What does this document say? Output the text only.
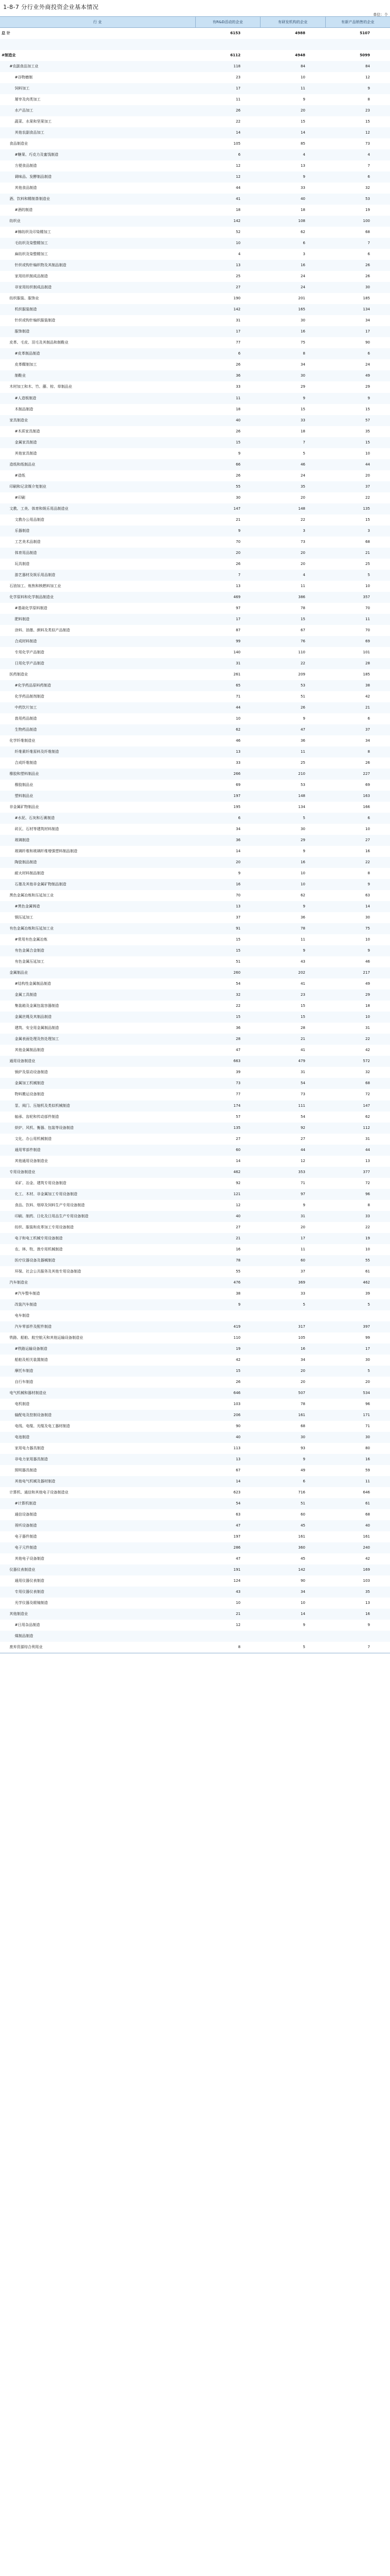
1-8-7 分行业外商投资企业基本情况
单位：个
行 业	有R&D活动的企业	有研发机构的企业	有新产品销售的企业
总 计	6153	4988	5107
#制造业	6112	4948	5099
#农副食品加工业	118	84	84
#谷物磨制	23	10	12
饲料加工	17	11	9
屠宰及肉类加工	11	9	8
水产品加工	26	20	23
蔬菜、水果和坚果加工	22	15	15
其他农副食品加工	14	14	12
食品制造业	105	85	73
#糖果、巧克力及蜜饯制造	6	4	4
方便食品制造	12	13	7
调味品、发酵制品制造	12	9	6
其他食品制造	44	33	32
酒、饮料和精制茶制造业	41	40	53
#酒的制造	18	18	19
纺织业	142	108	100
#棉纺织及印染精加工	52	62	68
毛纺织及染整精加工	10	6	7
麻纺织及染整精加工	4	3	6
针织或钩针编织物及其制品制造	13	16	26
家用纺织制成品制造	25	24	26
非家用纺织制成品制造	27	24	30
纺织服装、服饰业	190	201	185
机织服装制造	142	165	134
针织或钩针编织服装制造	31	30	34
服饰制造	17	16	17
皮革、毛皮、羽毛及其制品和制鞋业	77	75	90
#皮革制品制造	6	8	6
皮革鞣制加工	26	34	24
制鞋业	36	30	49
木材加工和木、竹、藤、棕、草制品业	33	29	29
#人造板制造	11	9	9
木制品制造	18	15	15
家具制造业	40	33	57
#木质家具制造	26	18	35
金属家具制造	15	7	15
其他家具制造	9	5	10
造纸和纸制品业	66	46	44
#造纸	26	24	20
印刷和记录媒介复制业	55	35	37
#印刷	30	20	22
文教、工美、体育和娱乐用品制造业	147	148	135
文教办公用品制造	21	22	15
乐器制造	9	3	3
工艺美术品制造	70	73	68
体育用品制造	20	20	21
玩具制造	26	20	25
游艺器材及娱乐用品制造	7	4	5
石油加工、炼焦和核燃料加工业	13	11	10
化学原料和化学制品制造业	469	386	357
#基础化学原料制造	97	78	70
肥料制造	17	15	11
涂料、油墨、颜料及类似产品制造	87	67	70
合成材料制造	99	76	69
专用化学产品制造	140	110	101
日用化学产品制造	31	22	28
医药制造业	261	209	185
#化学药品原料药制造	65	53	38
化学药品制剂制造	71	51	42
中药饮片加工	44	26	21
兽用药品制造	10	9	6
生物药品制造	62	47	37
化学纤维制造业	46	36	34
纤维素纤维原料及纤维制造	13	11	8
合成纤维制造	33	25	26
橡胶和塑料制品业	266	210	227
橡胶制品业	69	53	69
塑料制品业	197	148	163
非金属矿物制品业	195	134	166
#水泥、石灰和石膏制造	6	5	6
砖瓦、石材等建筑材料制造	34	30	10
玻璃制造	36	29	27
玻璃纤维和玻璃纤维增强塑料制品制造	14	9	16
陶瓷制品制造	20	16	22
耐火材料制品制造	9	10	8
石墨及其他非金属矿物制品制造	16	10	9
黑色金属冶炼和压延加工业	70	62	63
#黑色金属铸造	13	9	14
钢压延加工	37	36	30
有色金属冶炼和压延加工业	91	78	75
#常用有色金属冶炼	15	11	10
有色金属合金制造	15	9	9
有色金属压延加工	51	43	46
金属制品业	260	202	217
#结构性金属制品制造	54	41	49
金属工具制造	32	23	29
集装箱及金属包装容器制造	22	15	18
金属丝绳及其制品制造	15	15	10
建筑、安全用金属制品制造	36	28	31
金属表面处理及热处理加工	28	21	22
其他金属制品制造	47	41	42
通用设备制造业	663	479	572
锅炉及原动设备制造	39	31	32
金属加工机械制造	73	54	68
物料搬运设备制造	77	73	72
泵、阀门、压缩机及类似机械制造	174	111	147
轴承、齿轮和传动部件制造	57	54	62
烘炉、风机、衡器、包装等设备制造	135	92	112
文化、办公用机械制造	27	27	31
通用零部件制造	60	44	44
其他通用设备制造业	14	12	13
专用设备制造业	462	353	377
采矿、冶金、建筑专用设备制造	92	71	72
化工、木材、非金属加工专用设备制造	121	97	96
食品、饮料、烟草及饲料生产专用设备制造	12	9	8
印刷、制药、日化及日用品生产专用设备制造	40	31	33
纺织、服装和皮革加工专用设备制造	27	20	22
电子和电工机械专用设备制造	21	17	19
农、林、牧、渔专用机械制造	16	11	10
医疗仪器设备及器械制造	78	60	55
环保、社会公共服务及其他专用设备制造	55	37	61
汽车制造业	476	369	462
#汽车整车制造	38	33	39
改装汽车制造	9	5	5
电车制造
汽车零部件及配件制造	419	317	397
铁路、船舶、航空航天和其他运输设备制造业	110	105	99
#铁路运输设备制造	19	16	17
船舶及相关装置制造	42	34	30
摩托车制造	15	20	5
自行车制造	26	20	20
电气机械和器材制造业	646	507	534
电机制造	103	78	96
输配电及控制设备制造	206	161	171
电线、电缆、光缆及电工器材制造	90	68	71
电池制造	40	30	30
家用电力器具制造	113	93	80
非电力家用器具制造	13	9	16
照明器具制造	67	49	59
其他电气机械及器材制造	14	6	11
计算机、通信和其他电子设备制造业	623	716	646
#计算机制造	54	51	61
通信设备制造	63	60	68
视听设备制造	47	45	40
电子器件制造	197	161	161
电子元件制造	286	360	240
其他电子设备制造	47	45	42
仪器仪表制造业	191	142	169
通用仪器仪表制造	124	90	103
专用仪器仪表制造	43	34	35
光学仪器及眼镜制造	10	10	13
其他制造业	21	14	16
#日用杂品制造	12	9	9
煤制品制造
废弃资源综合利用业	8	5	7
